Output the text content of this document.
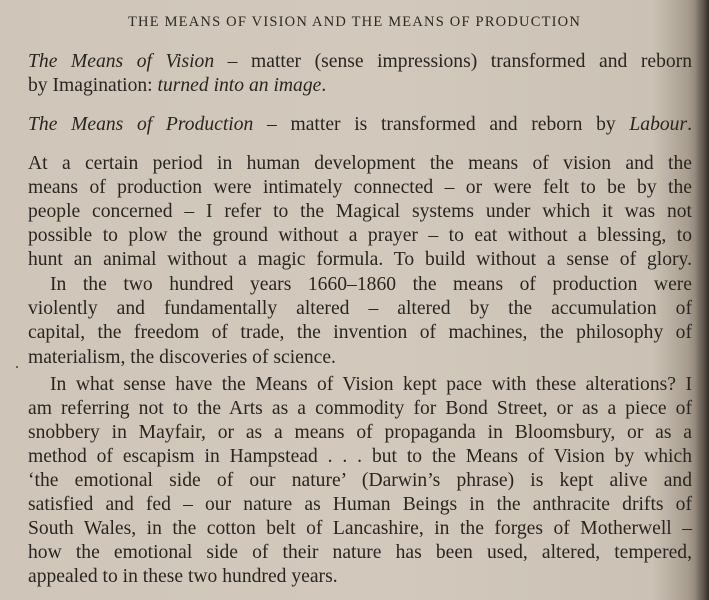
THE MEANS OF VISION AND THE MEANS OF PRODUCTION
The Means of Vision – matter (sense impressions) transformed and reborn
by Imagination: turned into an image.
The Means of Production – matter is transformed and reborn by Labour.
At a certain period in human development the means of vision and the
means of production were intimately connected – or were felt to be by the
people concerned – I refer to the Magical systems under which it was not
possible to plow the ground without a prayer – to eat without a blessing, to
hunt an animal without a magic formula. To build without a sense of glory.
In the two hundred years 1660–1860 the means of production were
violently and fundamentally altered – altered by the accumulation of
capital, the freedom of trade, the invention of machines, the philosophy of
materialism, the discoveries of science.
In what sense have the Means of Vision kept pace with these alterations? I
am referring not to the Arts as a commodity for Bond Street, or as a piece of
snobbery in Mayfair, or as a means of propaganda in Bloomsbury, or as a
method of escapism in Hampstead . . . but to the Means of Vision by which
‘the emotional side of our nature’ (Darwin’s phrase) is kept alive and
satisfied and fed – our nature as Human Beings in the anthracite drifts of
South Wales, in the cotton belt of Lancashire, in the forges of Motherwell –
how the emotional side of their nature has been used, altered, tempered,
appealed to in these two hundred years.
